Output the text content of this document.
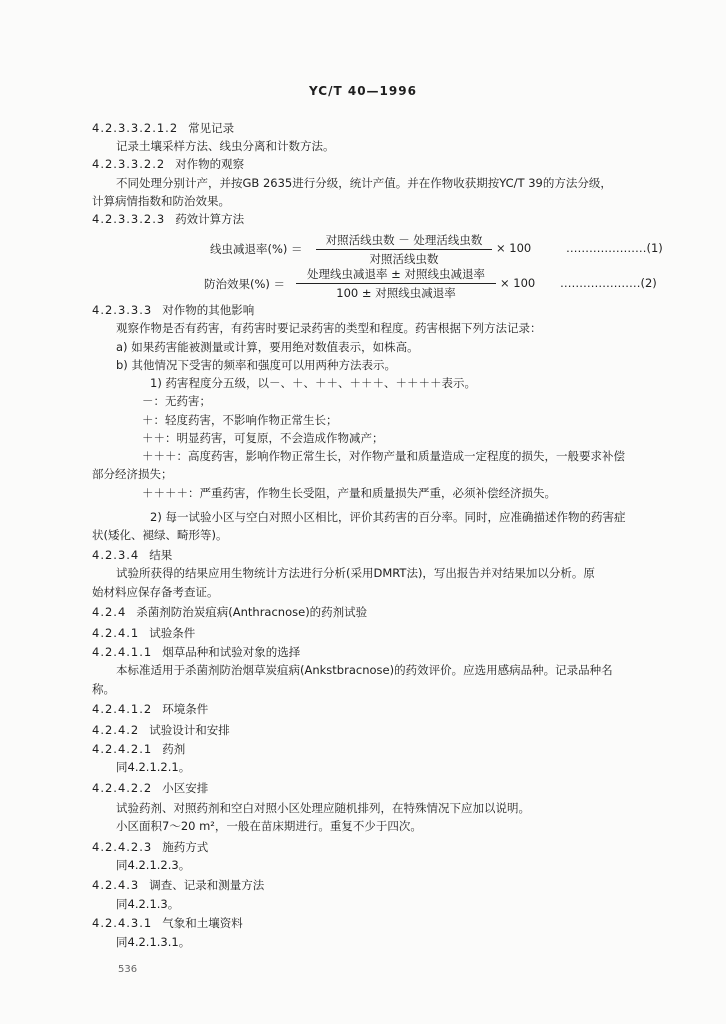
YC/T 40—1996
4.2.3.3.2.1.2 常见记录
记录土壤采样方法、线虫分离和计数方法。
4.2.3.3.2.2 对作物的观察
不同处理分别计产，并按GB 2635进行分级，统计产值。并在作物收获期按YC/T 39的方法分级，
计算病情指数和防治效果。
4.2.3.3.2.3 药效计算方法
线虫减退率(%) ＝
对照活线虫数 － 处理活线虫数
对照活线虫数
× 100	…………………(1)
防治效果(%) ＝
处理线虫减退率 ± 对照线虫减退率
100 ± 对照线虫减退率
× 100 …………………(2)
4.2.3.3.3 对作物的其他影响
观察作物是否有药害，有药害时要记录药害的类型和程度。药害根据下列方法记录：
a) 如果药害能被测量或计算，要用绝对数值表示，如株高。
b) 其他情况下受害的频率和强度可以用两种方法表示。
1) 药害程度分五级，以－、＋、＋＋、＋＋＋、＋＋＋＋表示。
－：无药害；
＋：轻度药害，不影响作物正常生长；
＋＋：明显药害，可复原，不会造成作物减产；
＋＋＋：高度药害，影响作物正常生长，对作物产量和质量造成一定程度的损失，一般要求补偿
部分经济损失；
＋＋＋＋：严重药害，作物生长受阻，产量和质量损失严重，必须补偿经济损失。
2) 每一试验小区与空白对照小区相比，评价其药害的百分率。同时，应准确描述作物的药害症
状(矮化、褪绿、畸形等)。
4.2.3.4 结果
试验所获得的结果应用生物统计方法进行分析(采用DMRT法)，写出报告并对结果加以分析。原
始材料应保存备考查证。
4.2.4 杀菌剂防治炭疽病(Anthracnose)的药剂试验
4.2.4.1 试验条件
4.2.4.1.1 烟草品种和试验对象的选择
本标准适用于杀菌剂防治烟草炭疽病(Ankstbracnose)的药效评价。应选用感病品种。记录品种名
称。
4.2.4.1.2 环境条件
4.2.4.2 试验设计和安排
4.2.4.2.1 药剂
同4.2.1.2.1。
4.2.4.2.2 小区安排
试验药剂、对照药剂和空白对照小区处理应随机排列，在特殊情况下应加以说明。
小区面积7～20 m²，一般在苗床期进行。重复不少于四次。
4.2.4.2.3 施药方式
同4.2.1.2.3。
4.2.4.3 调查、记录和测量方法
同4.2.1.3。
4.2.4.3.1 气象和土壤资料
同4.2.1.3.1。
536
